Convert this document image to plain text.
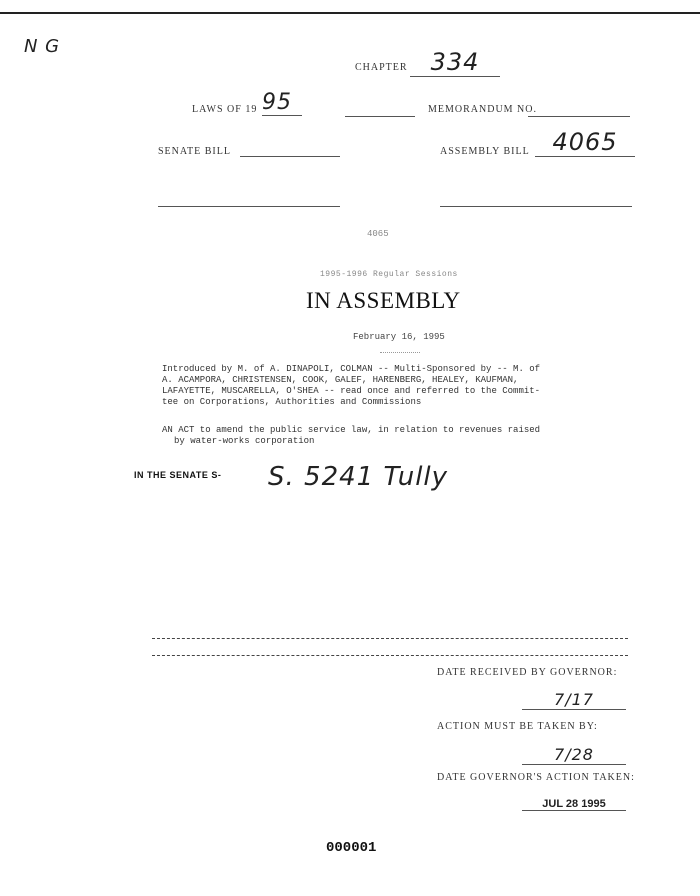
N G
CHAPTER 334
LAWS OF 19 95	MEMORANDUM NO.
SENATE BILL	ASSEMBLY BILL 4065
4065
1995-1996 Regular Sessions
IN ASSEMBLY
February 16, 1995
Introduced by M. of A. DINAPOLI, COLMAN -- Multi-Sponsored by -- M. of
A. ACAMPORA, CHRISTENSEN, COOK, GALEF, HARENBERG, HEALEY, KAUFMAN,
LAFAYETTE, MUSCARELLA, O'SHEA -- read once and referred to the Commit-
tee on Corporations, Authorities and Commissions
AN ACT to amend the public service law, in relation to revenues raised
by water-works corporation
IN THE SENATE S- S. 5241 Tully
DATE RECEIVED BY GOVERNOR:
7/17
ACTION MUST BE TAKEN BY:
7/28
DATE GOVERNOR'S ACTION TAKEN:
JUL 28 1995
000001
